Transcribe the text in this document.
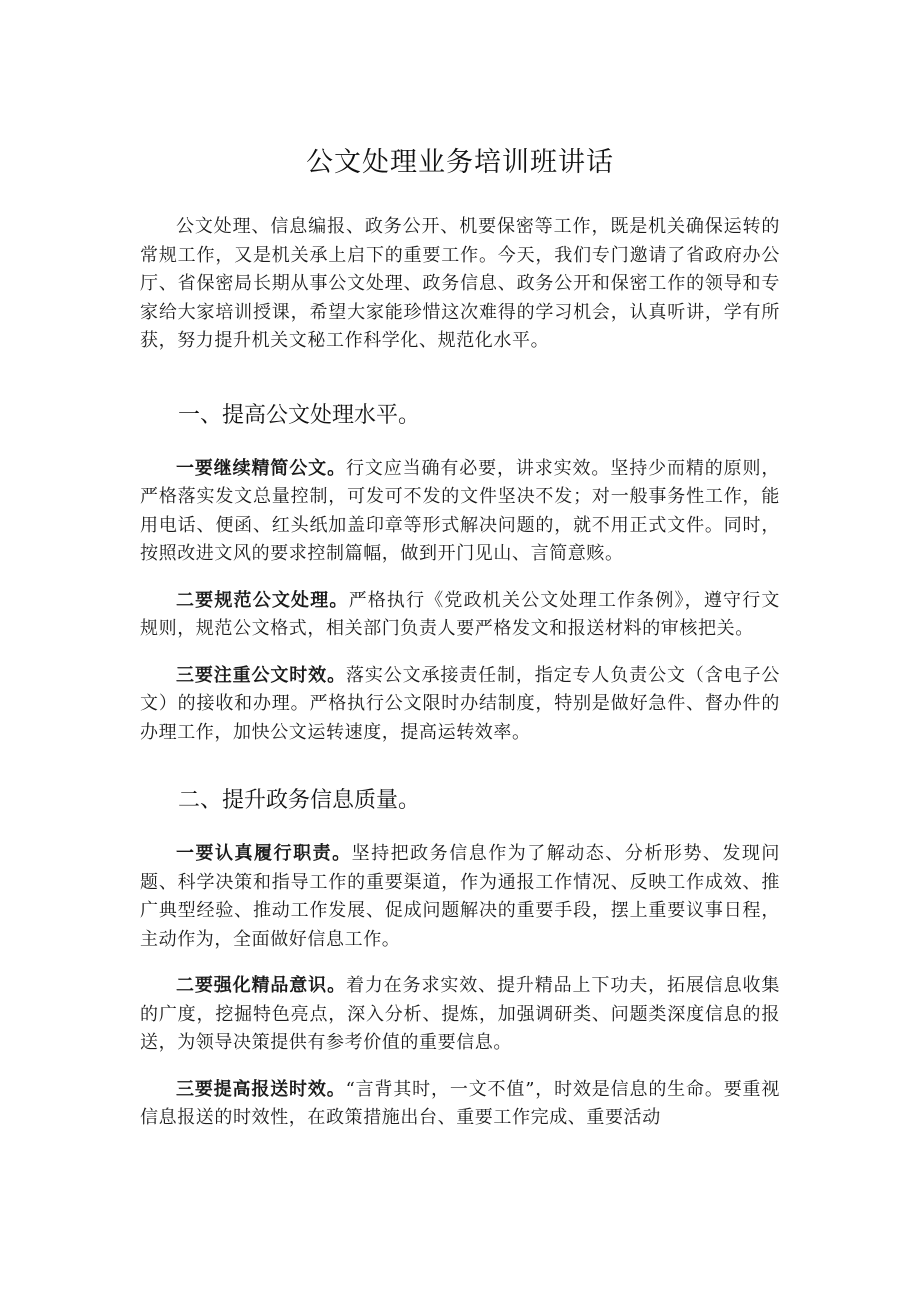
公文处理业务培训班讲话

公文处理、信息编报、政务公开、机要保密等工作，既是机关确保运转的常规工作，又是机关承上启下的重要工作。今天，我们专门邀请了省政府办公厅、省保密局长期从事公文处理、政务信息、政务公开和保密工作的领导和专家给大家培训授课，希望大家能珍惜这次难得的学习机会，认真听讲，学有所获，努力提升机关文秘工作科学化、规范化水平。

一、提高公文处理水平。

一要继续精简公文。行文应当确有必要，讲求实效。坚持少而精的原则，严格落实发文总量控制，可发可不发的文件坚决不发；对一般事务性工作，能用电话、便函、红头纸加盖印章等形式解决问题的，就不用正式文件。同时，按照改进文风的要求控制篇幅，做到开门见山、言简意赅。

二要规范公文处理。严格执行《党政机关公文处理工作条例》，遵守行文规则，规范公文格式，相关部门负责人要严格发文和报送材料的审核把关。

三要注重公文时效。落实公文承接责任制，指定专人负责公文（含电子公文）的接收和办理。严格执行公文限时办结制度，特别是做好急件、督办件的办理工作，加快公文运转速度，提高运转效率。

二、提升政务信息质量。

一要认真履行职责。坚持把政务信息作为了解动态、分析形势、发现问题、科学决策和指导工作的重要渠道，作为通报工作情况、反映工作成效、推广典型经验、推动工作发展、促成问题解决的重要手段，摆上重要议事日程，主动作为，全面做好信息工作。

二要强化精品意识。着力在务求实效、提升精品上下功夫，拓展信息收集的广度，挖掘特色亮点，深入分析、提炼，加强调研类、问题类深度信息的报送，为领导决策提供有参考价值的重要信息。

三要提高报送时效。“言背其时，一文不值”，时效是信息的生命。要重视信息报送的时效性，在政策措施出台、重要工作完成、重要活动
